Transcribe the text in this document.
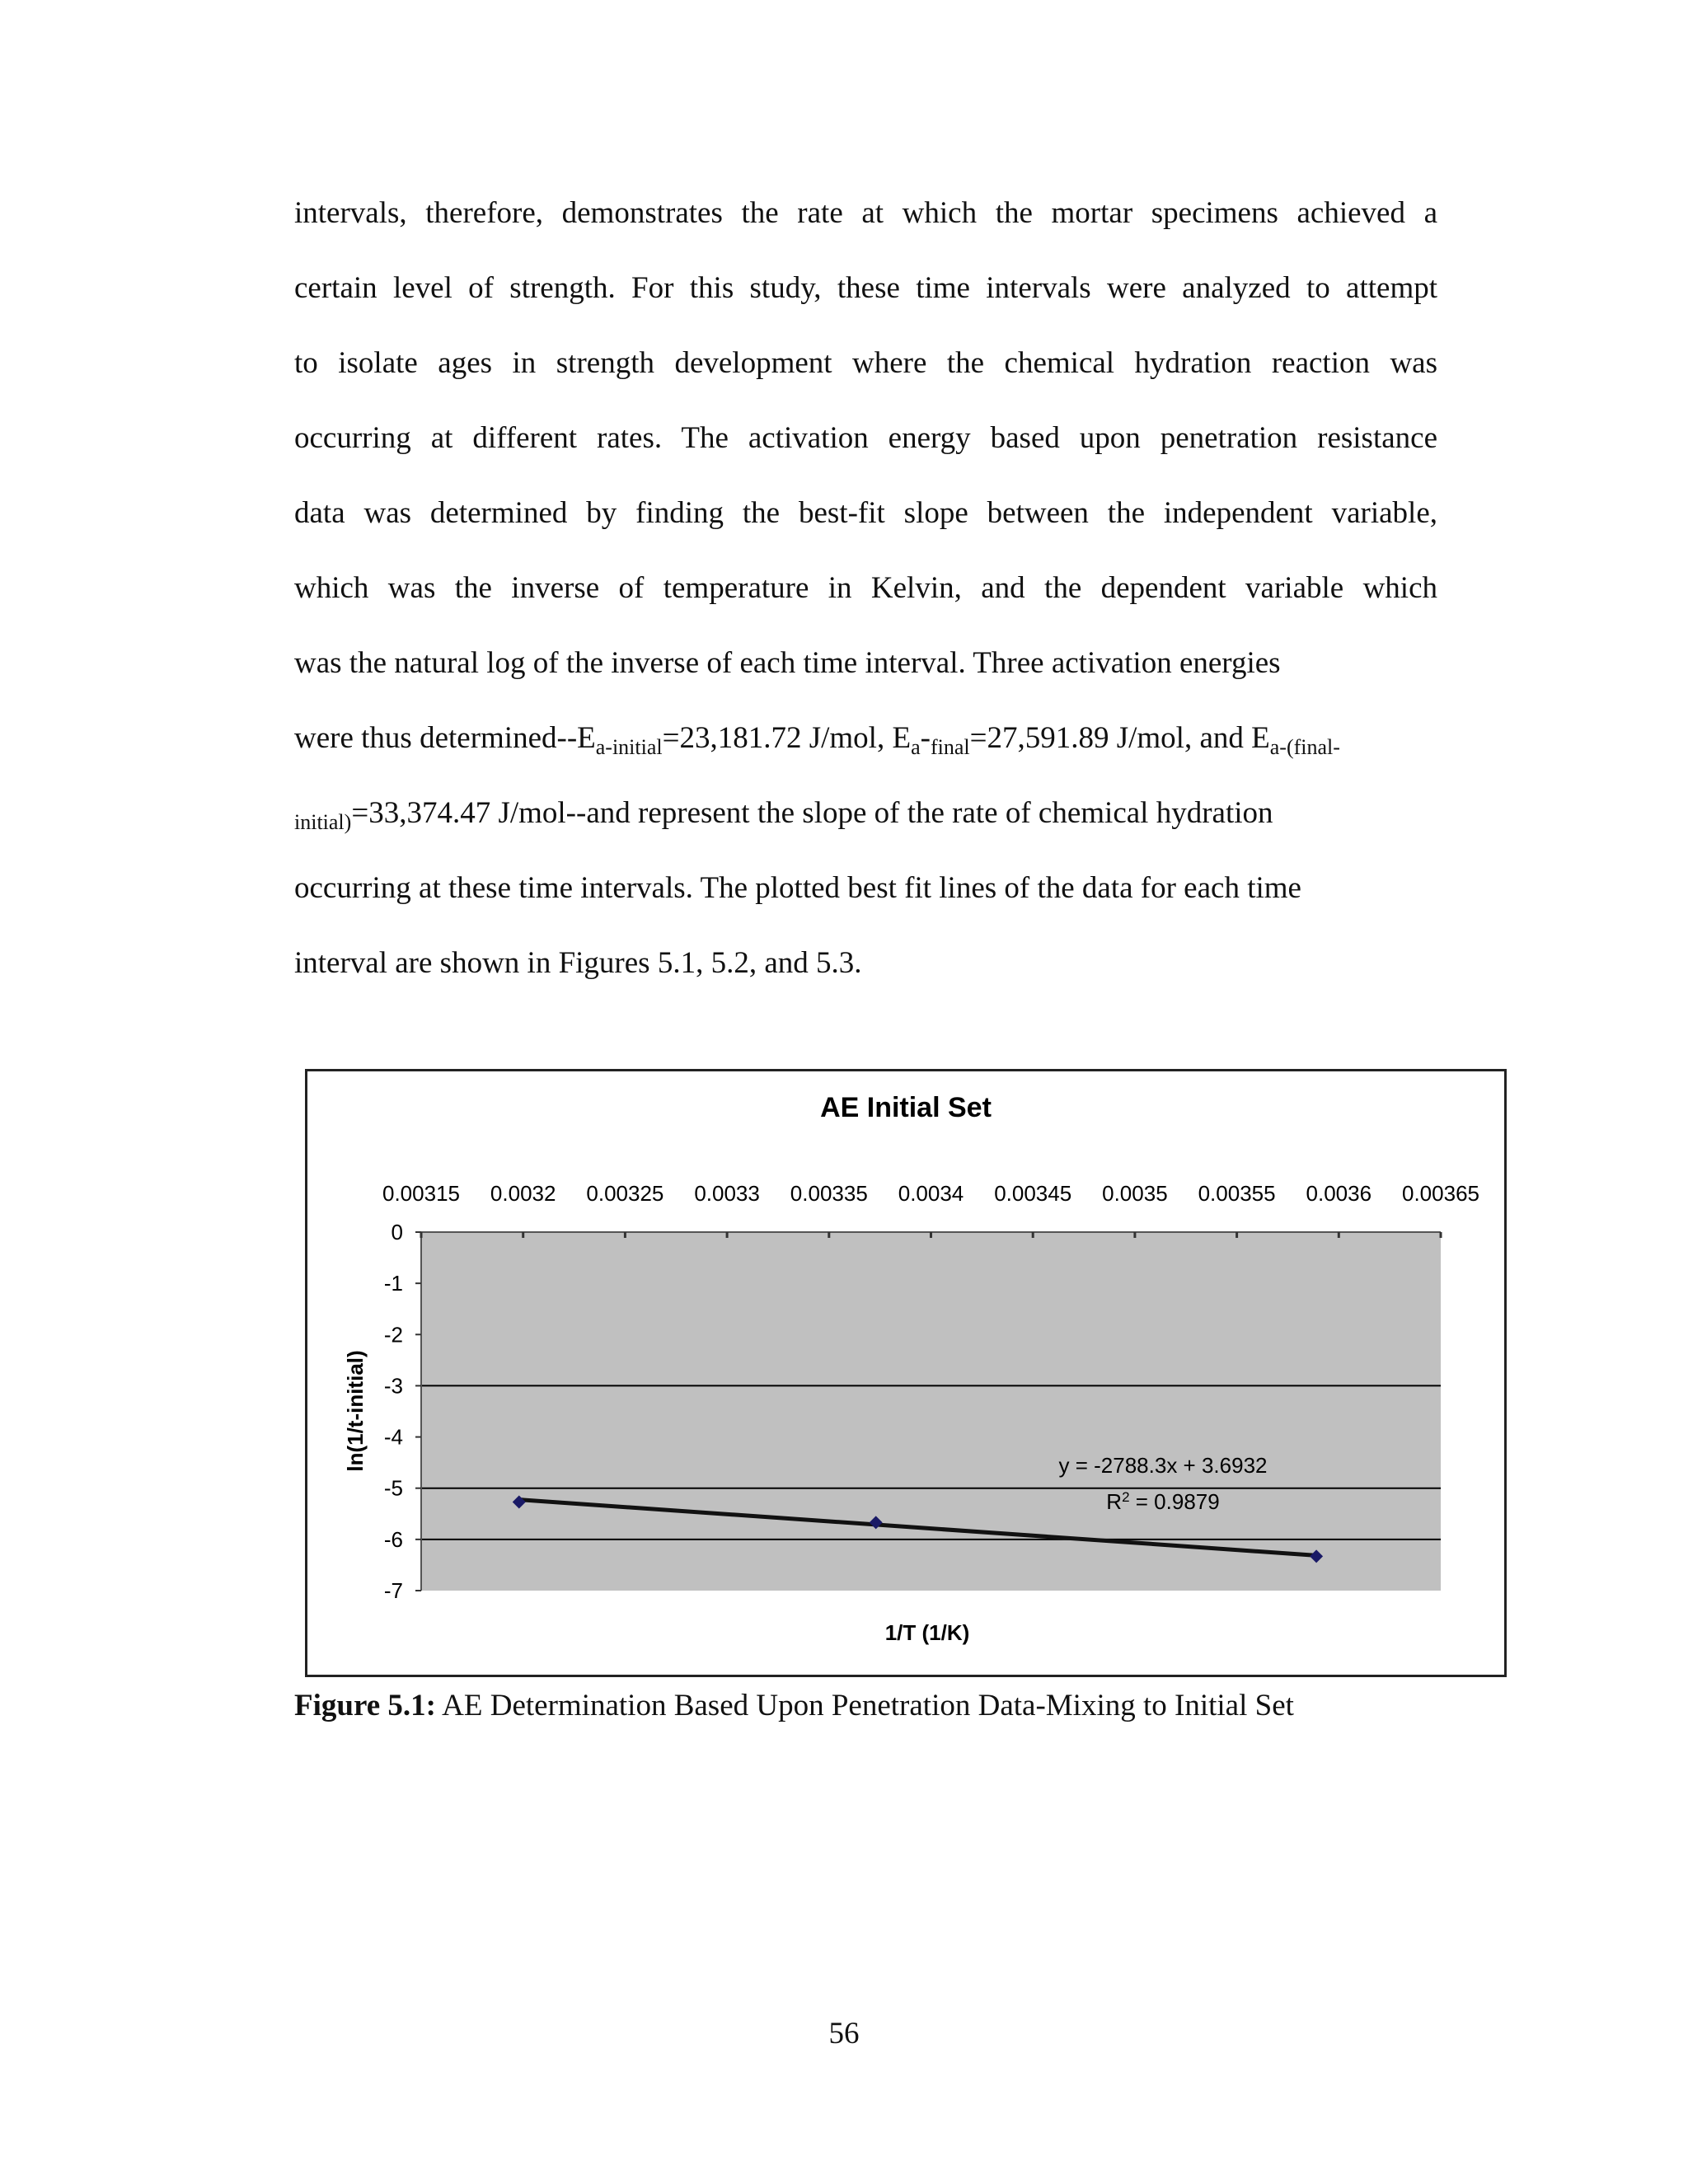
intervals, therefore, demonstrates the rate at which the mortar specimens achieved a

certain level of strength. For this study, these time intervals were analyzed to attempt

to isolate ages in strength development where the chemical hydration reaction was

occurring at different rates. The activation energy based upon penetration resistance

data was determined by finding the best-fit slope between the independent variable,

which was the inverse of temperature in Kelvin, and the dependent variable which

was the natural log of the inverse of each time interval. Three activation energies

were thus determined-$-E_{a-initial}=23,181.72$ J/mol, $E_a-_{final}=27,591.89$ J/mol, and $E_{a-(final-}$

$_{initial)}$=33,374.47 J/mol--and represent the slope of the rate of chemical hydration

occurring at these time intervals. The plotted best fit lines of the data for each time

interval are shown in Figures 5.1, 5.2, and 5.3.

AE Initial Set
0.00315 0.0032 0.00325 0.0033 0.00335 0.0034 0.00345 0.0035 0.00355 0.0036 0.00365
0
-1
-2
-3
-4
-5
-6
-7
y = -2788.3x + 3.6932
$R^2 = 0.9879$
1/T (1/K)
ln(1/t-initial)
Figure 5.1: AE Determination Based Upon Penetration Data-Mixing to Initial Set
56
